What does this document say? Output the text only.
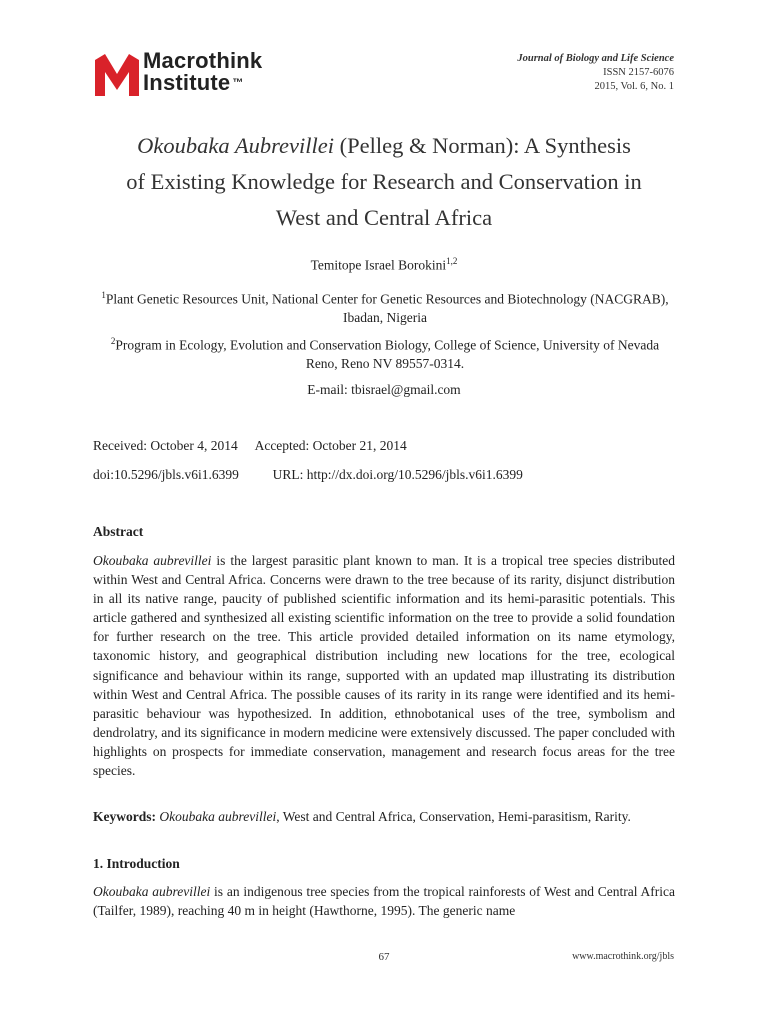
Macrothink
Institute ™
Journal of Biology and Life Science
ISSN 2157-6076
2015, Vol. 6, No. 1
Okoubaka Aubrevillei (Pelleg & Norman): A Synthesis
of Existing Knowledge for Research and Conservation in
West and Central Africa
Temitope Israel Borokini$^{1,2}$
$^1$Plant Genetic Resources Unit, National Center for Genetic Resources and Biotechnology (NACGRAB), Ibadan, Nigeria
$^2$Program in Ecology, Evolution and Conservation Biology, College of Science, University of Nevada Reno, Reno NV 89557-0314.
E-mail: tbisrael@gmail.com
Received: October 4, 2014 Accepted: October 21, 2014
doi:10.5296/jbls.v6i1.6399	URL: http://dx.doi.org/10.5296/jbls.v6i1.6399
Abstract
Okoubaka aubrevillei is the largest parasitic plant known to man. It is a tropical tree species distributed within West and Central Africa. Concerns were drawn to the tree because of its rarity, disjunct distribution in all its native range, paucity of published scientific information and its hemi-parasitic potentials. This article gathered and synthesized all existing scientific information on the tree to provide a solid foundation for further research on the tree. This article provided detailed information on its name etymology, taxonomic history, and geographical distribution including new locations for the tree, ecological significance and behaviour within its range, supported with an updated map illustrating its distribution within West and Central Africa. The possible causes of its rarity in its range were identified and its hemi-parasitic behaviour was hypothesized. In addition, ethnobotanical uses of the tree, symbolism and dendrolatry, and its significance in modern medicine were extensively discussed. The paper concluded with highlights on prospects for immediate conservation, management and research focus areas for the tree species.
Keywords: Okoubaka aubrevillei, West and Central Africa, Conservation, Hemi-parasitism, Rarity.
1. Introduction
Okoubaka aubrevillei is an indigenous tree species from the tropical rainforests of West and Central Africa (Tailfer, 1989), reaching 40 m in height (Hawthorne, 1995). The generic name
67	www.macrothink.org/jbls
